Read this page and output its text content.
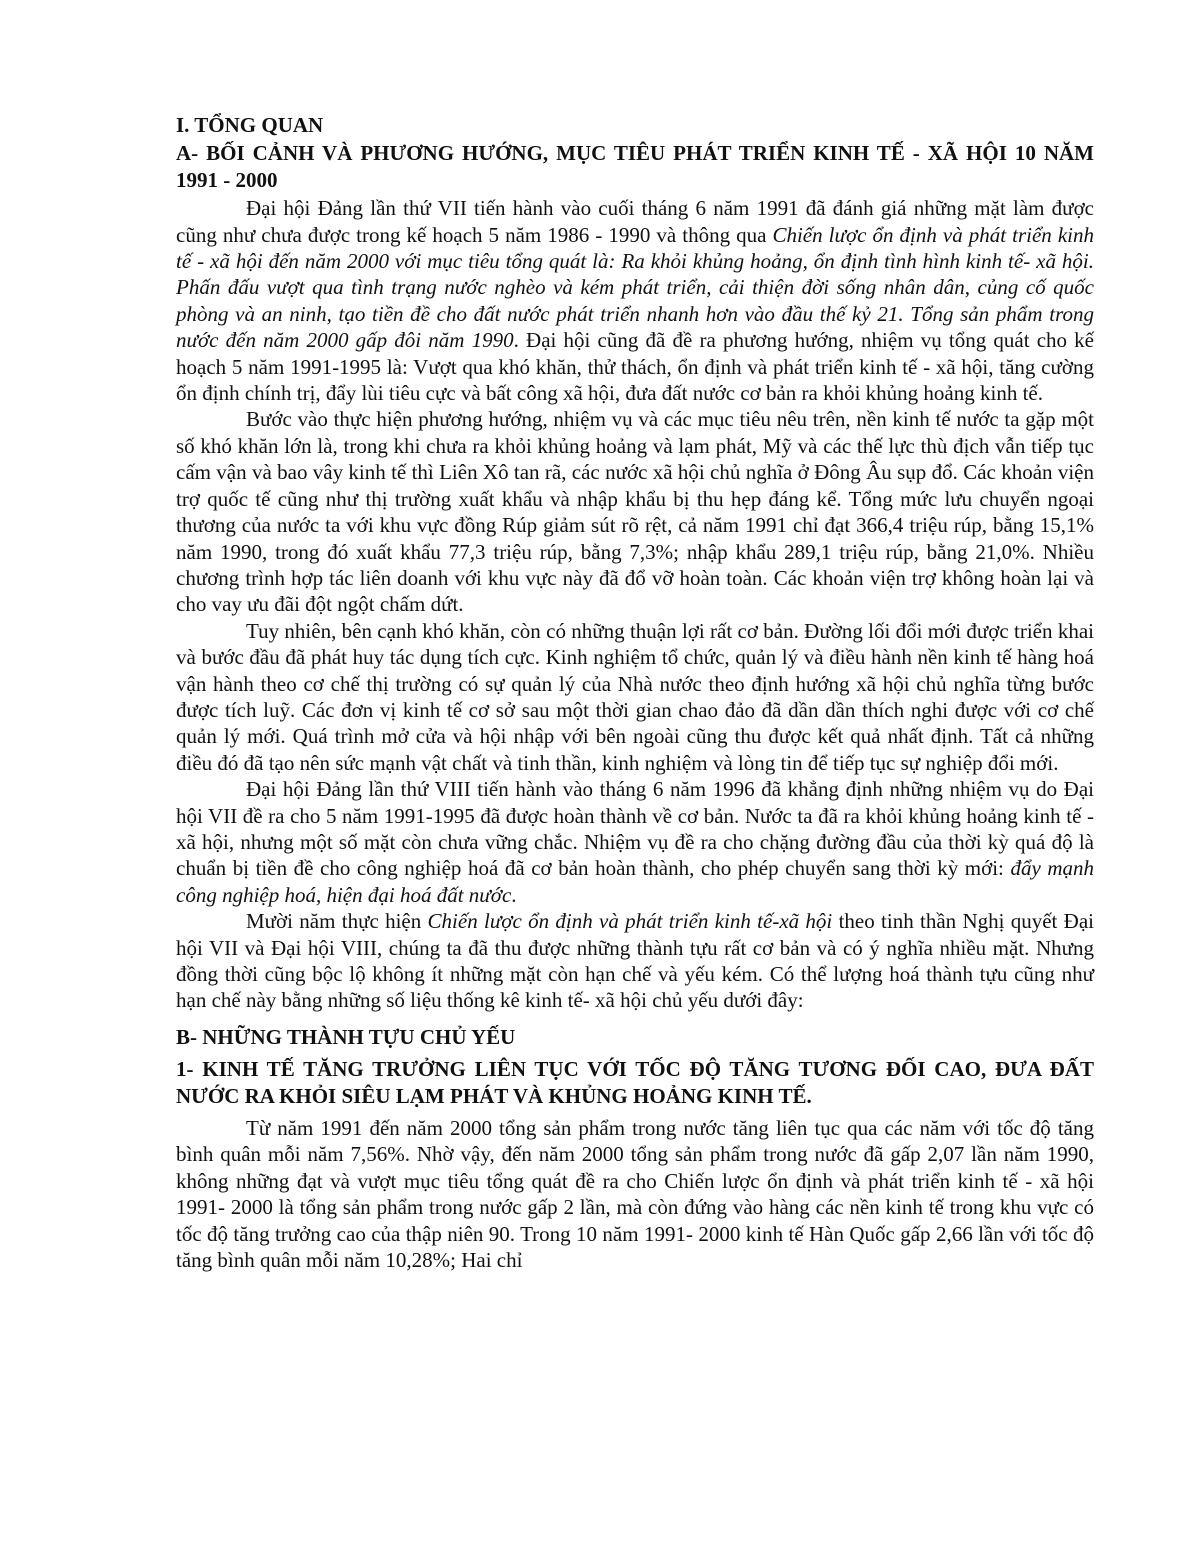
I. TỔNG QUAN
A- BỐI CẢNH VÀ PHƯƠNG HƯỚNG, MỤC TIÊU PHÁT TRIỂN KINH TẾ - XÃ HỘI 10 NĂM 1991 - 2000

Đại hội Đảng lần thứ VII tiến hành vào cuối tháng 6 năm 1991 đã đánh giá những mặt làm được cũng như chưa được trong kế hoạch 5 năm 1986 - 1990 và thông qua Chiến lược ổn định và phát triển kinh tế - xã hội đến năm 2000 với mục tiêu tổng quát là: Ra khỏi khủng hoảng, ổn định tình hình kinh tế- xã hội. Phấn đấu vượt qua tình trạng nước nghèo và kém phát triển, cải thiện đời sống nhân dân, củng cố quốc phòng và an ninh, tạo tiền đề cho đất nước phát triển nhanh hơn vào đầu thế kỷ 21. Tổng sản phẩm trong nước đến năm 2000 gấp đôi năm 1990. Đại hội cũng đã đề ra phương hướng, nhiệm vụ tổng quát cho kế hoạch 5 năm 1991-1995 là: Vượt qua khó khăn, thử thách, ổn định và phát triển kinh tế - xã hội, tăng cường ổn định chính trị, đẩy lùi tiêu cực và bất công xã hội, đưa đất nước cơ bản ra khỏi khủng hoảng kinh tế.

Bước vào thực hiện phương hướng, nhiệm vụ và các mục tiêu nêu trên, nền kinh tế nước ta gặp một số khó khăn lớn là, trong khi chưa ra khỏi khủng hoảng và lạm phát, Mỹ và các thế lực thù địch vẫn tiếp tục cấm vận và bao vây kinh tế thì Liên Xô tan rã, các nước xã hội chủ nghĩa ở Đông Âu sụp đổ. Các khoản viện trợ quốc tế cũng như thị trường xuất khẩu và nhập khẩu bị thu hẹp đáng kể. Tổng mức lưu chuyển ngoại thương của nước ta với khu vực đồng Rúp giảm sút rõ rệt, cả năm 1991 chỉ đạt 366,4 triệu rúp, bằng 15,1% năm 1990, trong đó xuất khẩu 77,3 triệu rúp, bằng 7,3%; nhập khẩu 289,1 triệu rúp, bằng 21,0%. Nhiều chương trình hợp tác liên doanh với khu vực này đã đổ vỡ hoàn toàn. Các khoản viện trợ không hoàn lại và cho vay ưu đãi đột ngột chấm dứt.

Tuy nhiên, bên cạnh khó khăn, còn có những thuận lợi rất cơ bản. Đường lối đổi mới được triển khai và bước đầu đã phát huy tác dụng tích cực. Kinh nghiệm tổ chức, quản lý và điều hành nền kinh tế hàng hoá vận hành theo cơ chế thị trường có sự quản lý của Nhà nước theo định hướng xã hội chủ nghĩa từng bước được tích luỹ. Các đơn vị kinh tế cơ sở sau một thời gian chao đảo đã dần dần thích nghi được với cơ chế quản lý mới. Quá trình mở cửa và hội nhập với bên ngoài cũng thu được kết quả nhất định. Tất cả những điều đó đã tạo nên sức mạnh vật chất và tinh thần, kinh nghiệm và lòng tin để tiếp tục sự nghiệp đổi mới.

Đại hội Đảng lần thứ VIII tiến hành vào tháng 6 năm 1996 đã khẳng định những nhiệm vụ do Đại hội VII đề ra cho 5 năm 1991-1995 đã được hoàn thành về cơ bản. Nước ta đã ra khỏi khủng hoảng kinh tế - xã hội, nhưng một số mặt còn chưa vững chắc. Nhiệm vụ đề ra cho chặng đường đầu của thời kỳ quá độ là chuẩn bị tiền đề cho công nghiệp hoá đã cơ bản hoàn thành, cho phép chuyển sang thời kỳ mới: đẩy mạnh công nghiệp hoá, hiện đại hoá đất nước.

Mười năm thực hiện Chiến lược ổn định và phát triển kinh tế-xã hội theo tinh thần Nghị quyết Đại hội VII và Đại hội VIII, chúng ta đã thu được những thành tựu rất cơ bản và có ý nghĩa nhiều mặt. Nhưng đồng thời cũng bộc lộ không ít những mặt còn hạn chế và yếu kém. Có thể lượng hoá thành tựu cũng như hạn chế này bằng những số liệu thống kê kinh tế- xã hội chủ yếu dưới đây:

B- NHỮNG THÀNH TỰU CHỦ YẾU
1- KINH TẾ TĂNG TRƯỞNG LIÊN TỤC VỚI TỐC ĐỘ TĂNG TƯƠNG ĐỐI CAO, ĐƯA ĐẤT NƯỚC RA KHỎI SIÊU LẠM PHÁT VÀ KHỦNG HOẢNG KINH TẾ.

Từ năm 1991 đến năm 2000 tổng sản phẩm trong nước tăng liên tục qua các năm với tốc độ tăng bình quân mỗi năm 7,56%. Nhờ vậy, đến năm 2000 tổng sản phẩm trong nước đã gấp 2,07 lần năm 1990, không những đạt và vượt mục tiêu tổng quát đề ra cho Chiến lược ổn định và phát triển kinh tế - xã hội 1991- 2000 là tổng sản phẩm trong nước gấp 2 lần, mà còn đứng vào hàng các nền kinh tế trong khu vực có tốc độ tăng trưởng cao của thập niên 90. Trong 10 năm 1991- 2000 kinh tế Hàn Quốc gấp 2,66 lần với tốc độ tăng bình quân mỗi năm 10,28%; Hai chỉ
